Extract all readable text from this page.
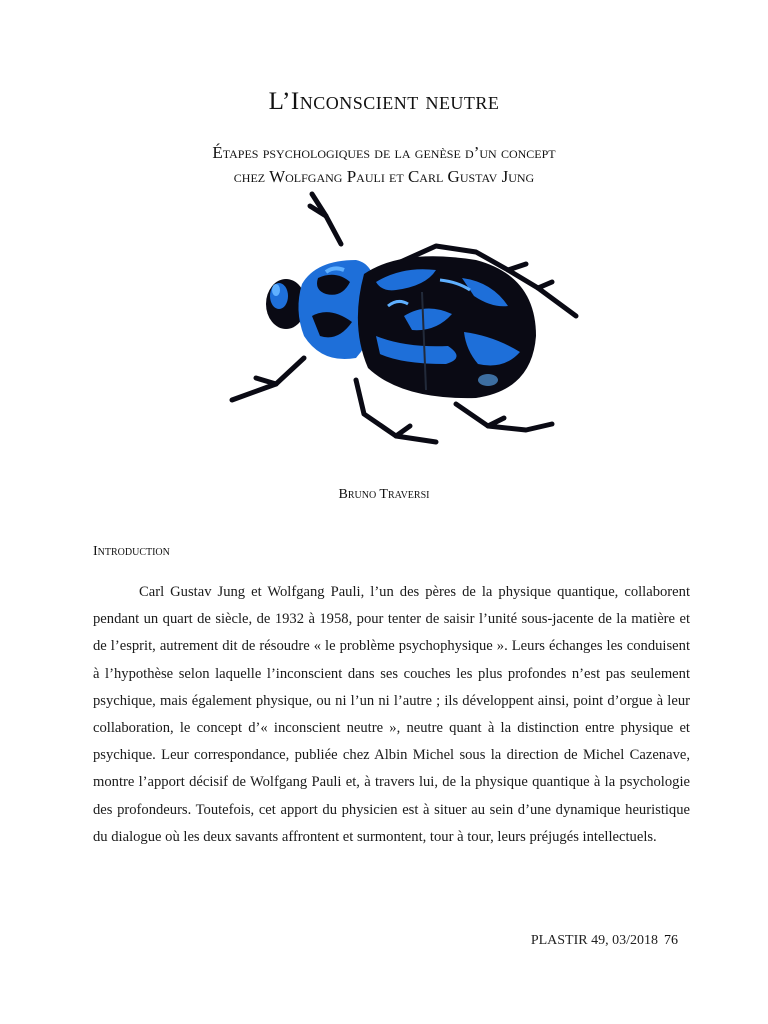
L’Inconscient neutre
Étapes psychologiques de la genèse d’un concept
chez Wolfgang Pauli et Carl Gustav Jung
Bruno Traversi
Introduction

Carl Gustav Jung et Wolfgang Pauli, l’un des pères de la physique quantique, collaborent pendant un quart de siècle, de 1932 à 1958, pour tenter de saisir l’unité sous-jacente de la matière et de l’esprit, autrement dit de résoudre « le problème psychophysique ». Leurs échanges les conduisent à l’hypothèse selon laquelle l’inconscient dans ses couches les plus profondes n’est pas seulement psychique, mais également physique, ou ni l’un ni l’autre ; ils développent ainsi, point d’orgue à leur collaboration, le concept d’« inconscient neutre », neutre quant à la distinction entre physique et psychique. Leur correspondance, publiée chez Albin Michel sous la direction de Michel Cazenave, montre l’apport décisif de Wolfgang Pauli et, à travers lui, de la physique quantique à la psychologie des profondeurs. Toutefois, cet apport du physicien est à situer au sein d’une dynamique heuristique du dialogue où les deux savants affrontent et surmontent, tour à tour, leurs préjugés intellectuels.

PLASTIR 49, 03/2018 76
